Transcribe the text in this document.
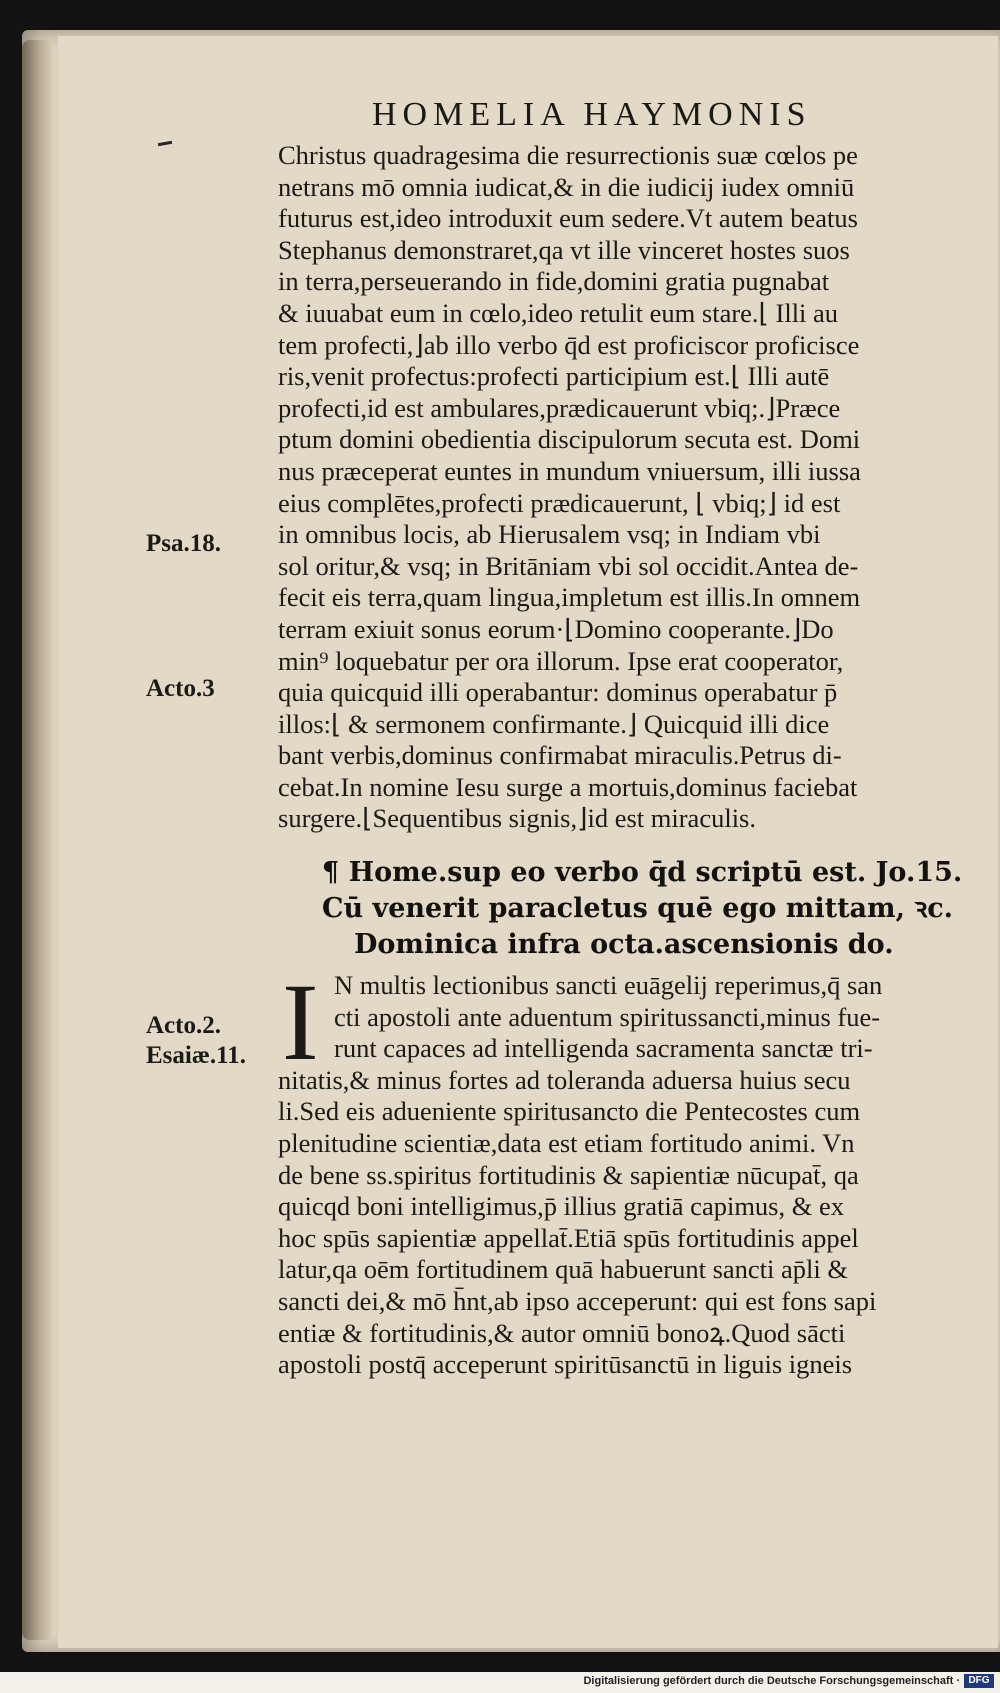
HOMELIA HAYMONIS
Christus quadragesima die resurrectionis suæ cœlos pe
netrans mō omnia iudicat,& in die iudicij iudex omniū
futurus est,ideo introduxit eum sedere.Vt autem beatus
Stephanus demonstraret,qa vt ille vinceret hostes suos
in terra,perseuerando in fide,domini gratia pugnabat
& iuuabat eum in cœlo,ideo retulit eum stare.⌊ Illi au
tem profecti,⌋ab illo verbo q̄d est proficiscor proficisce
ris,venit profectus:profecti participium est.⌊ Illi autē
profecti,id est ambulares,prædicauerunt vbiq;.⌋Præce
ptum domini obedientia discipulorum secuta est. Domi
nus præceperat euntes in mundum vniuersum, illi iussa
eius complētes,profecti prædicauerunt, ⌊ vbiq;⌋ id est
in omnibus locis, ab Hierusalem vsq; in Indiam vbi
sol oritur,& vsq; in Britāniam vbi sol occidit.Antea de-
fecit eis terra,quam lingua,impletum est illis.In omnem
terram exiuit sonus eorum·⌊Domino cooperante.⌋Do
min⁹ loquebatur per ora illorum. Ipse erat cooperator,
quia quicquid illi operabantur: dominus operabatur p̄
illos:⌊ & sermonem confirmante.⌋ Quicquid illi dice
bant verbis,dominus confirmabat miraculis.Petrus di-
cebat.In nomine Iesu surge a mortuis,dominus faciebat
surgere.⌊Sequentibus signis,⌋id est miraculis.
Psa.18.
Acto.3
Acto.2.
Esaiæ.11.
¶ Home.sup eo verbo q̄d scriptū est. Jo.15.
Cū venerit paracletus quē ego mittam, ꝛc.
Dominica infra octa.ascensionis do.
I N multis lectionibus sancti euāgelij reperimus,q̄ san
cti apostoli ante aduentum spiritussancti,minus fue-
runt capaces ad intelligenda sacramenta sanctæ tri-
nitatis,& minus fortes ad toleranda aduersa huius secu
li.Sed eis adueniente spiritusancto die Pentecostes cum
plenitudine scientiæ,data est etiam fortitudo animi. Vn
de bene ss.spiritus fortitudinis & sapientiæ nūcupat̄, qa
quicqd boni intelligimus,p̄ illius gratiā capimus, & ex
hoc spūs sapientiæ appellat̄.Etiā spūs fortitudinis appel
latur,qa oēm fortitudinem quā habuerunt sancti ap̄li &
sancti dei,& mō h̄nt,ab ipso acceperunt: qui est fons sapi
entiæ & fortitudinis,& autor omniū bonoꝝ.Quod sācti
apostoli postq̄ acceperunt spiritūsanctū in liguis igneis
Digitalisierung gefördert durch die Deutsche Forschungsgemeinschaft · DFG
